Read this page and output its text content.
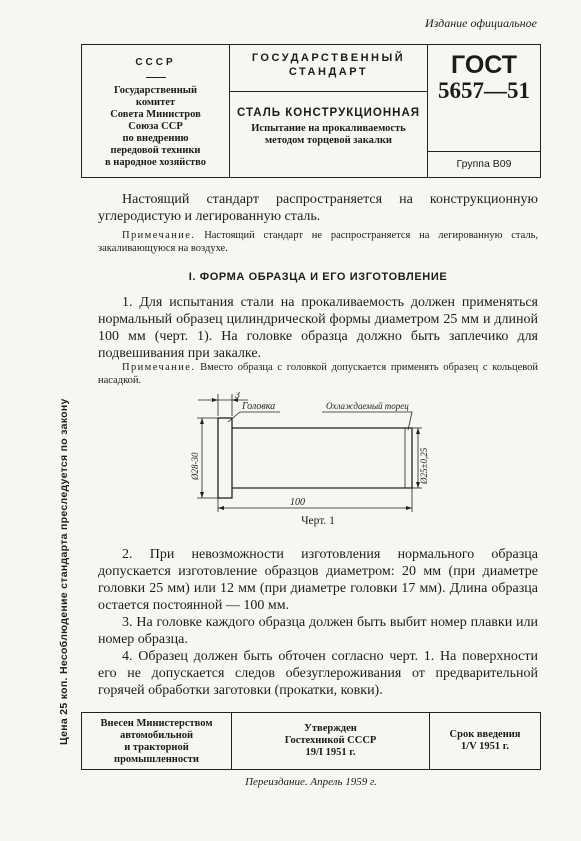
Издание официальное
СССР
Государственный
комитет
Совета Министров
Союза ССР
по внедрению
передовой техники
в народное хозяйство
ГОСУДАРСТВЕННЫЙ
СТАНДАРТ
СТАЛЬ КОНСТРУКЦИОННАЯ
Испытание на прокаливаемость
методом торцевой закалки
ГОСТ
5657—51
Группа В09
Цена 25 коп. Несоблюдение стандарта преследуется по закону
Настоящий стандарт распространяется на конструкционную углеродистую и легированную сталь.
Примечание. Настоящий стандарт не распространяется на легированную сталь, закаливающуюся на воздухе.
I. ФОРМА ОБРАЗЦА И ЕГО ИЗГОТОВЛЕНИЕ
1. Для испытания стали на прокаливаемость должен применяться нормальный образец цилиндрической формы диаметром 25 мм и длиной 100 мм (черт. 1). На головке образца должно быть заплечико для подвешивания при закалке.
Примечание. Вместо образца с головкой допускается применять образец с кольцевой насадкой.
3
Головка	Охлаждаемый торец
100
Ø28-30	Ø25±0,25
Черт. 1
2. При невозможности изготовления нормального образца допускается изготовление образцов диаметром: 20 мм (при диаметре головки 25 мм) или 12 мм (при диаметре головки 17 мм). Длина образца остается постоянной — 100 мм.
3. На головке каждого образца должен быть выбит номер плавки или номер образца.
4. Образец должен быть обточен согласно черт. 1. На поверхности его не допускается следов обезуглероживания от предварительной горячей обработки заготовки (прокатки, ковки).
Внесен Министерством
автомобильной
и тракторной
промышленности
Утвержден
Гостехникой СССР
19/I 1951 г.
Срок введения
1/V 1951 г.
Переиздание. Апрель 1959 г.
